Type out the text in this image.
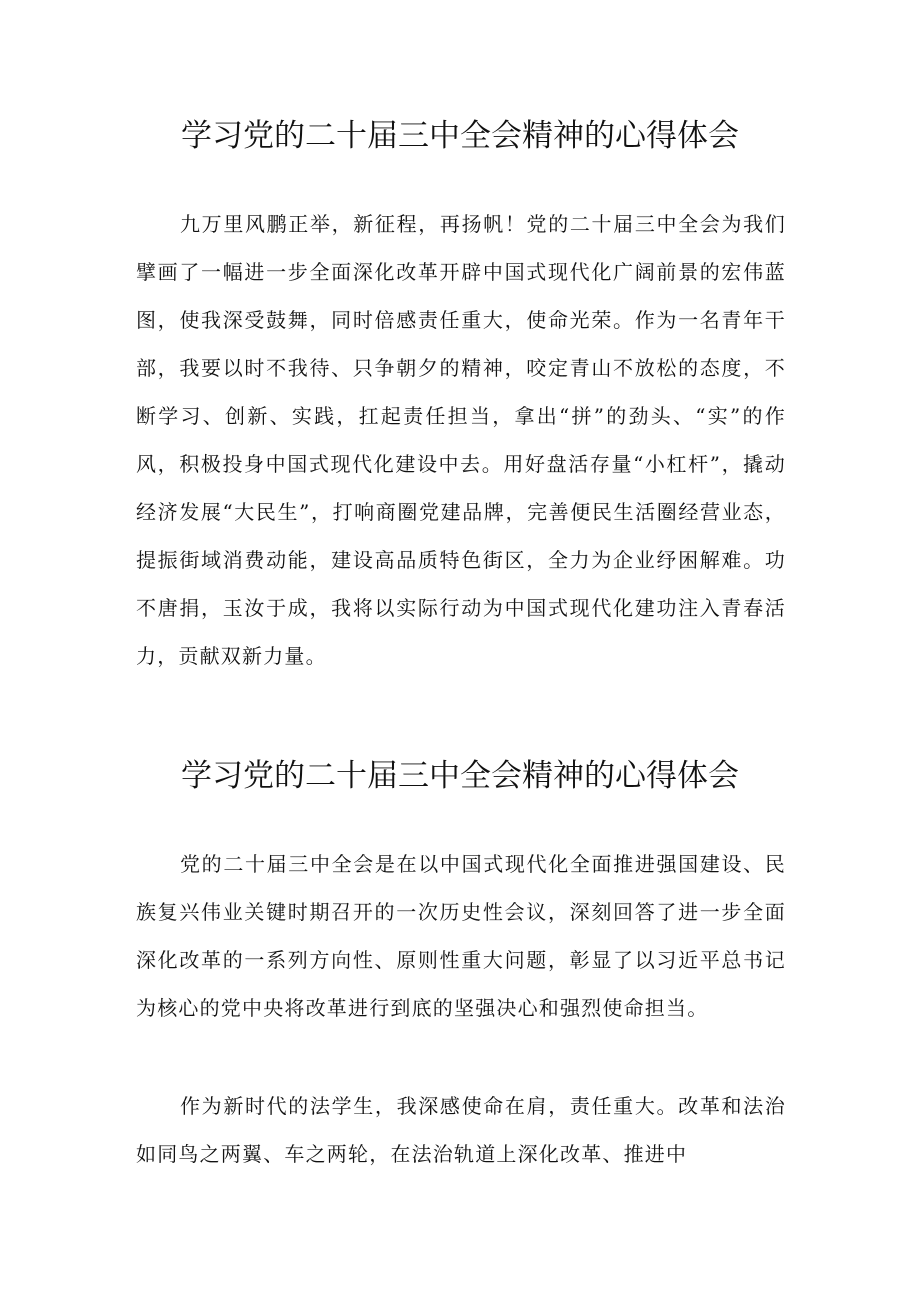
学习党的二十届三中全会精神的心得体会

九万里风鹏正举，新征程，再扬帆！党的二十届三中全会为我们擘画了一幅进一步全面深化改革开辟中国式现代化广阔前景的宏伟蓝图，使我深受鼓舞，同时倍感责任重大，使命光荣。作为一名青年干部，我要以时不我待、只争朝夕的精神，咬定青山不放松的态度，不断学习、创新、实践，扛起责任担当，拿出“拼”的劲头、“实”的作风，积极投身中国式现代化建设中去。用好盘活存量“小杠杆”，撬动经济发展“大民生”，打响商圈党建品牌，完善便民生活圈经营业态，提振街域消费动能，建设高品质特色街区，全力为企业纾困解难。功不唐捐，玉汝于成，我将以实际行动为中国式现代化建功注入青春活力，贡献双新力量。

学习党的二十届三中全会精神的心得体会

党的二十届三中全会是在以中国式现代化全面推进强国建设、民族复兴伟业关键时期召开的一次历史性会议，深刻回答了进一步全面深化改革的一系列方向性、原则性重大问题，彰显了以习近平总书记为核心的党中央将改革进行到底的坚强决心和强烈使命担当。

作为新时代的法学生，我深感使命在肩，责任重大。改革和法治如同鸟之两翼、车之两轮，在法治轨道上深化改革、推进中
